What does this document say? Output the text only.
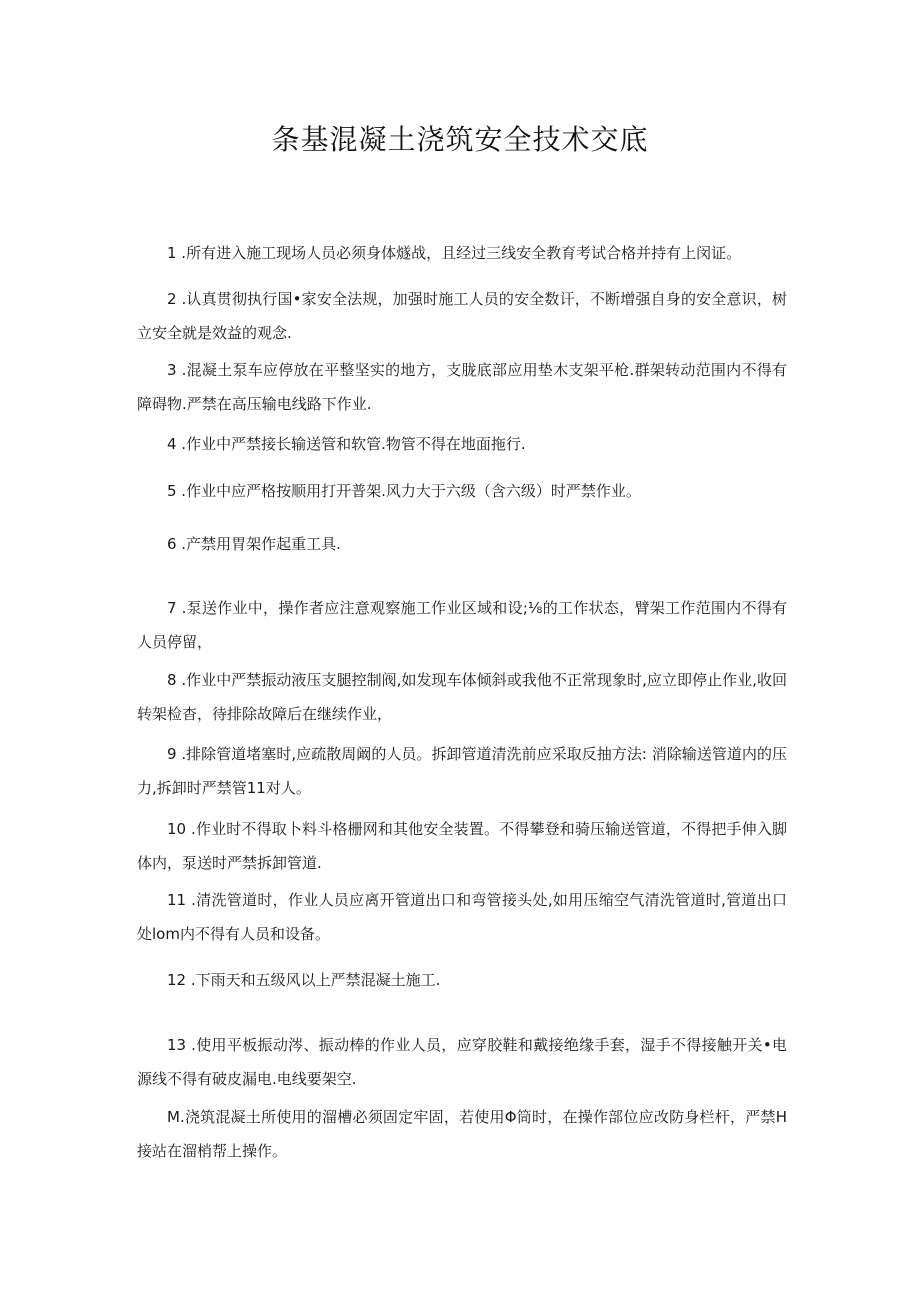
条基混凝土浇筑安全技术交底

1 .所有进入施工现场人员必须身体燧战，且经过三线安全教育考试合格并持有上闵证。

2 .认真贯彻执行国•家安全法规，加强时施工人员的安全数讦，不断增强自身的安全意识，树立安全就是效益的观念.

3 .混凝土泵车应停放在平整坚实的地方，支胧底部应用垫木支架平枪.群架转动范围内不得有障碍物.严禁在高压输电线路下作业.

4 .作业中严禁接长输送管和软管.物管不得在地面拖行.

5 .作业中应严格按顺用打开普架.风力大于六级（含六级）时严禁作业。

6 .产禁用胃架作起重工具.

7 .泵送作业中，操作者应注意观察施工作业区域和设;⅛的工作状态，臂架工作范围内不得有人员停留，

8 .作业中严禁振动液压支腿控制阀,如发现车体倾斜或我他不正常现象时,应立即停止作业,收回转架检杳，待排除故障后在继续作业，

9 .排除管道堵塞时,应疏散周阚的人员。拆卸管道清洗前应采取反抽方法: 消除输送管道内的压力,拆卸时严禁管11对人。

10 .作业时不得取卜料斗格栅网和其他安全装置。不得攀登和骑压输送管道，不得把手伸入脚体内，泵送时严禁拆卸管道.

11 .清洗管道时，作业人员应离开管道出口和弯管接头处,如用压缩空气清洗管道时,管道出口处lom内不得有人员和设备。

12 .下雨天和五级风以上严禁混凝土施工.

13 .使用平板振动涔、振动棒的作业人员，应穿胶鞋和戴接绝缘手套，湿手不得接触开关•电源线不得有破皮漏电.电线要架空.

M.浇筑混凝土所使用的溜槽必须固定牢固，若使用Φ筒时，在操作部位应改防身栏杆，严禁H接站在溜梢帮上操作。
